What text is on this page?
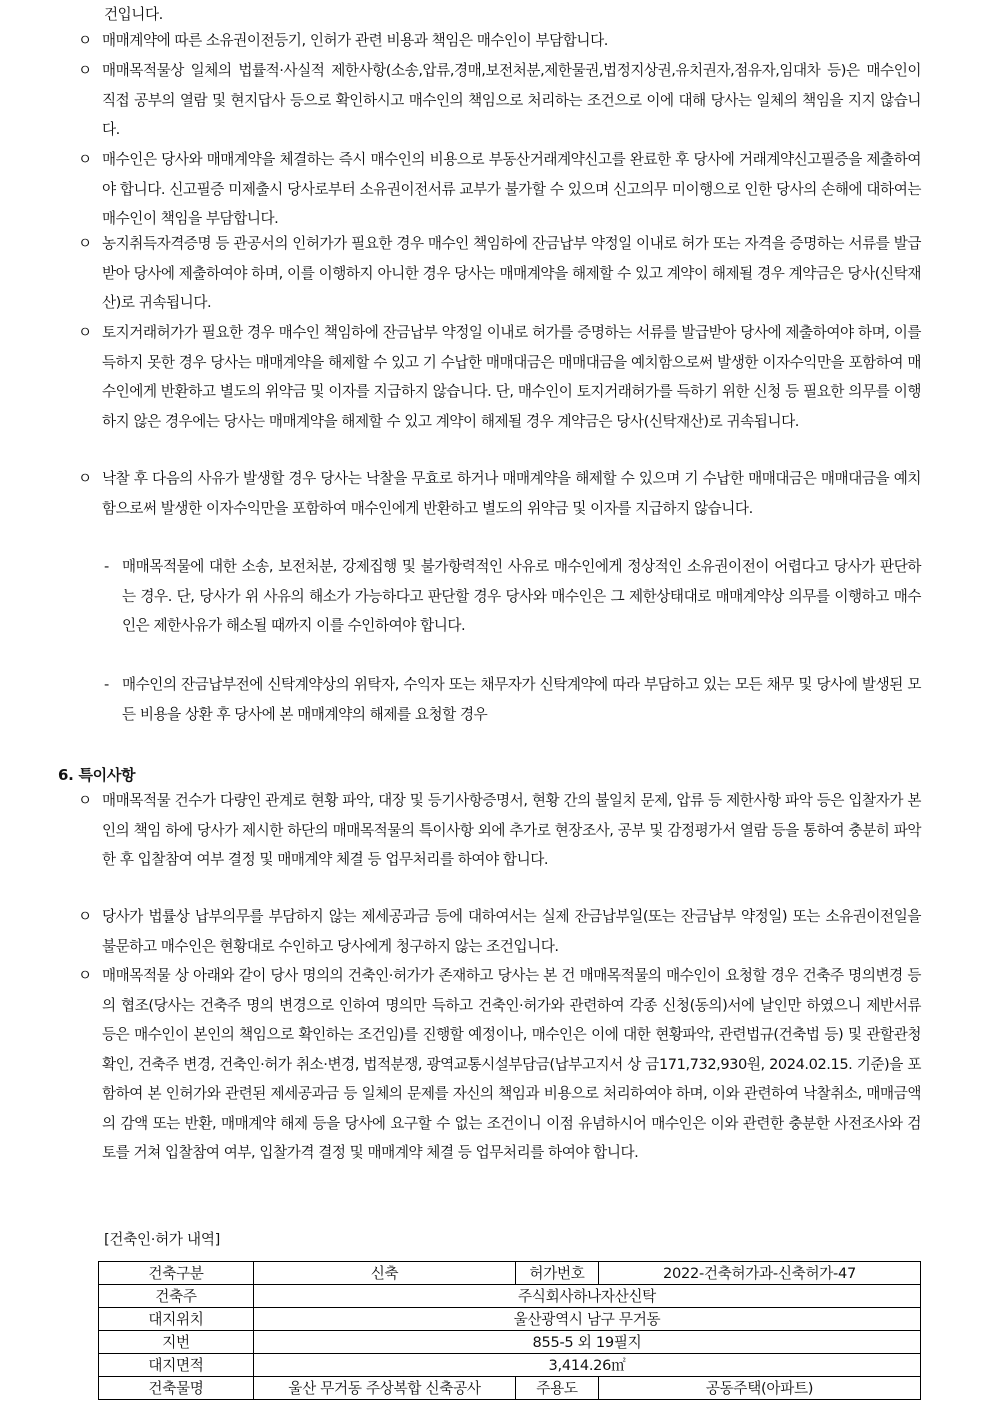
건입니다.
ㅇ 매매계약에 따른 소유권이전등기, 인허가 관련 비용과 책임은 매수인이 부담합니다.
ㅇ 매매목적물상 일체의 법률적·사실적 제한사항(소송,압류,경매,보전처분,제한물권,법정지상권,유치권자,점유자,임대차 등)은 매수인이 직접 공부의 열람 및 현지답사 등으로 확인하시고 매수인의 책임으로 처리하는 조건으로 이에 대해 당사는 일체의 책임을 지지 않습니다.
ㅇ 매수인은 당사와 매매계약을 체결하는 즉시 매수인의 비용으로 부동산거래계약신고를 완료한 후 당사에 거래계약신고필증을 제출하여야 합니다. 신고필증 미제출시 당사로부터 소유권이전서류 교부가 불가할 수 있으며 신고의무 미이행으로 인한 당사의 손해에 대하여는 매수인이 책임을 부담합니다.
ㅇ 농지취득자격증명 등 관공서의 인허가가 필요한 경우 매수인 책임하에 잔금납부 약정일 이내로 허가 또는 자격을 증명하는 서류를 발급받아 당사에 제출하여야 하며, 이를 이행하지 아니한 경우 당사는 매매계약을 해제할 수 있고 계약이 해제될 경우 계약금은 당사(신탁재산)로 귀속됩니다.
ㅇ 토지거래허가가 필요한 경우 매수인 책임하에 잔금납부 약정일 이내로 허가를 증명하는 서류를 발급받아 당사에 제출하여야 하며, 이를 득하지 못한 경우 당사는 매매계약을 해제할 수 있고 기 수납한 매매대금은 매매대금을 예치함으로써 발생한 이자수익만을 포함하여 매수인에게 반환하고 별도의 위약금 및 이자를 지급하지 않습니다. 단, 매수인이 토지거래허가를 득하기 위한 신청 등 필요한 의무를 이행하지 않은 경우에는 당사는 매매계약을 해제할 수 있고 계약이 해제될 경우 계약금은 당사(신탁재산)로 귀속됩니다.
ㅇ 낙찰 후 다음의 사유가 발생할 경우 당사는 낙찰을 무효로 하거나 매매계약을 해제할 수 있으며 기 수납한 매매대금은 매매대금을 예치함으로써 발생한 이자수익만을 포함하여 매수인에게 반환하고 별도의 위약금 및 이자를 지급하지 않습니다.
- 매매목적물에 대한 소송, 보전처분, 강제집행 및 불가항력적인 사유로 매수인에게 정상적인 소유권이전이 어렵다고 당사가 판단하는 경우. 단, 당사가 위 사유의 해소가 가능하다고 판단할 경우 당사와 매수인은 그 제한상태대로 매매계약상 의무를 이행하고 매수인은 제한사유가 해소될 때까지 이를 수인하여야 합니다.
- 매수인의 잔금납부전에 신탁계약상의 위탁자, 수익자 또는 채무자가 신탁계약에 따라 부담하고 있는 모든 채무 및 당사에 발생된 모든 비용을 상환 후 당사에 본 매매계약의 해제를 요청할 경우
6. 특이사항
ㅇ 매매목적물 건수가 다량인 관계로 현황 파악, 대장 및 등기사항증명서, 현황 간의 불일치 문제, 압류 등 제한사항 파악 등은 입찰자가 본인의 책임 하에 당사가 제시한 하단의 매매목적물의 특이사항 외에 추가로 현장조사, 공부 및 감정평가서 열람 등을 통하여 충분히 파악한 후 입찰참여 여부 결정 및 매매계약 체결 등 업무처리를 하여야 합니다.
ㅇ 당사가 법률상 납부의무를 부담하지 않는 제세공과금 등에 대하여서는 실제 잔금납부일(또는 잔금납부 약정일) 또는 소유권이전일을 불문하고 매수인은 현황대로 수인하고 당사에게 청구하지 않는 조건입니다.
ㅇ 매매목적물 상 아래와 같이 당사 명의의 건축인·허가가 존재하고 당사는 본 건 매매목적물의 매수인이 요청할 경우 건축주 명의변경 등의 협조(당사는 건축주 명의 변경으로 인하여 명의만 득하고 건축인·허가와 관련하여 각종 신청(동의)서에 날인만 하였으니 제반서류 등은 매수인이 본인의 책임으로 확인하는 조건임)를 진행할 예정이나, 매수인은 이에 대한 현황파악, 관련법규(건축법 등) 및 관할관청 확인, 건축주 변경, 건축인·허가 취소·변경, 법적분쟁, 광역교통시설부담금(납부고지서 상 금171,732,930원, 2024.02.15. 기준)을 포함하여 본 인허가와 관련된 제세공과금 등 일체의 문제를 자신의 책임과 비용으로 처리하여야 하며, 이와 관련하여 낙찰취소, 매매금액의 감액 또는 반환, 매매계약 해제 등을 당사에 요구할 수 없는 조건이니 이점 유념하시어 매수인은 이와 관련한 충분한 사전조사와 검토를 거쳐 입찰참여 여부, 입찰가격 결정 및 매매계약 체결 등 업무처리를 하여야 합니다.
[건축인·허가 내역]
건축구분	신축	허가번호	2022-건축허가과-신축허가-47
건축주	주식회사하나자산신탁		
대지위치	울산광역시 남구 무거동		
지번	855-5 외 19필지		
대지면적	3,414.26㎡		
건축물명	울산 무거동 주상복합 신축공사	주용도	공동주택(아파트)
